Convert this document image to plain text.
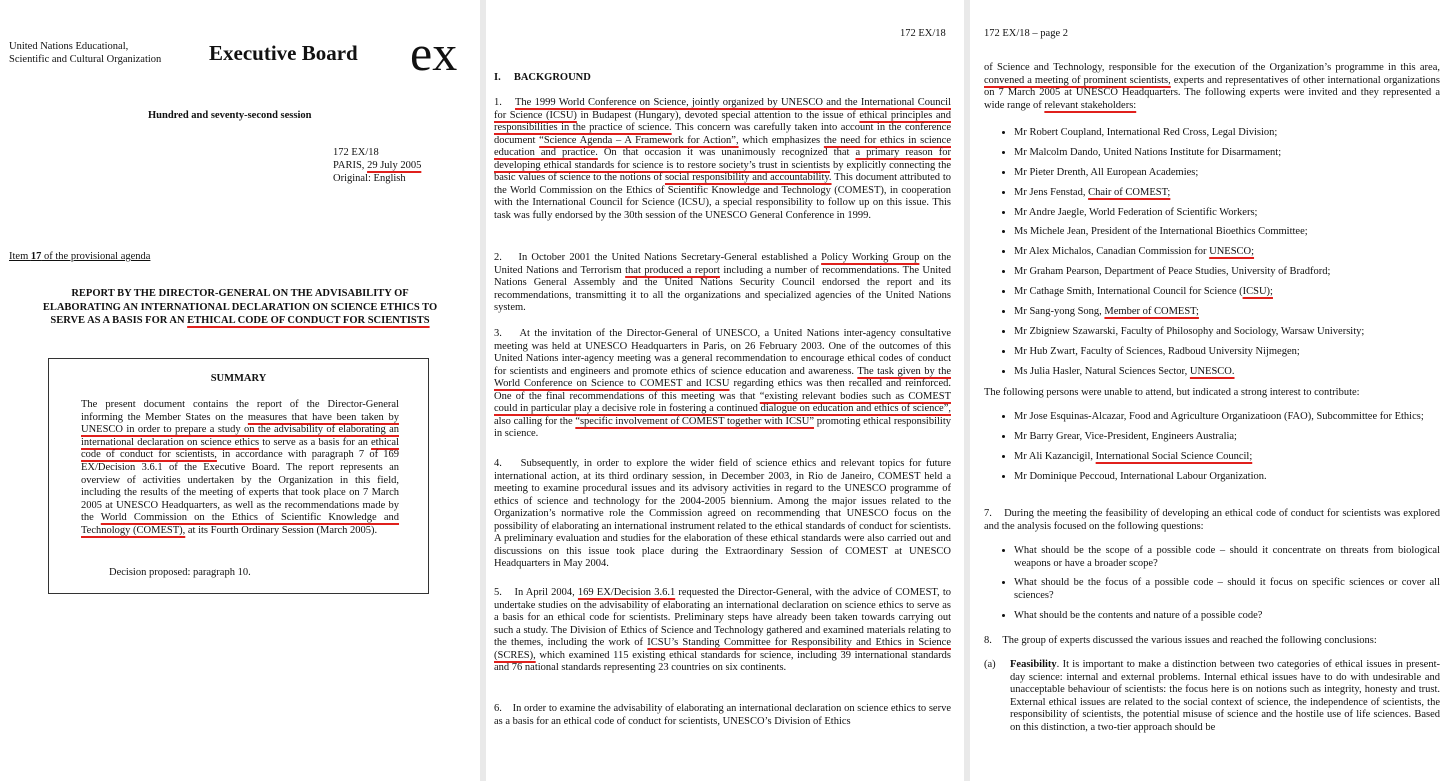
United Nations Educational,
Scientific and Cultural Organization Executive Board ex
Hundred and seventy-second session
172 EX/18
PARIS, 29 July 2005
Original: English
Item 17 of the provisional agenda
REPORT BY THE DIRECTOR-GENERAL ON THE ADVISABILITY OF ELABORATING AN INTERNATIONAL DECLARATION ON SCIENCE ETHICS TO SERVE AS A BASIS FOR AN ETHICAL CODE OF CONDUCT FOR SCIENTISTS
SUMMARY
The present document contains the report of the Director-General informing the Member States on the measures that have been taken by UNESCO in order to prepare a study on the advisability of elaborating an international declaration on science ethics to serve as a basis for an ethical code of conduct for scientists, in accordance with paragraph 7 of 169 EX/Decision 3.6.1 of the Executive Board. The report represents an overview of activities undertaken by the Organization in this field, including the results of the meeting of experts that took place on 7 March 2005 at UNESCO Headquarters, as well as the recommendations made by the World Commission on the Ethics of Scientific Knowledge and Technology (COMEST), at its Fourth Ordinary Session (March 2005).
Decision proposed: paragraph 10.
172 EX/18
I.     BACKGROUND
1.    The 1999 World Conference on Science, jointly organized by UNESCO and the International Council for Science (ICSU) in Budapest (Hungary), devoted special attention to the issue of ethical principles and responsibilities in the practice of science. This concern was carefully taken into account in the conference document “Science Agenda – A Framework for Action”, which emphasizes the need for ethics in science education and practice. On that occasion it was unanimously recognized that a primary reason for developing ethical standards for science is to restore society’s trust in scientists by explicitly connecting the basic values of science to the notions of social responsibility and accountability. This document attributed to the World Commission on the Ethics of Scientific Knowledge and Technology (COMEST), in cooperation with the International Council for Science (ICSU), a special responsibility to follow up on this issue. This task was fully endorsed by the 30th session of the UNESCO General Conference in 1999.
2.    In October 2001 the United Nations Secretary-General established a Policy Working Group on the United Nations and Terrorism that produced a report including a number of recommendations. The United Nations General Assembly and the United Nations Security Council endorsed the report and its recommendations, transmitting it to all the organizations and specialized agencies of the United Nations system.
3.    At the invitation of the Director-General of UNESCO, a United Nations inter-agency consultative meeting was held at UNESCO Headquarters in Paris, on 26 February 2003. One of the outcomes of this United Nations inter-agency meeting was a general recommendation to encourage ethical codes of conduct for scientists and engineers and promote ethics of science education and awareness. The task given by the World Conference on Science to COMEST and ICSU regarding ethics was then recalled and reinforced. One of the final recommendations of this meeting was that “existing relevant bodies such as COMEST could in particular play a decisive role in fostering a continued dialogue on education and ethics of science”, also calling for the “specific involvement of COMEST together with ICSU” promoting ethical responsibility in science.
4.    Subsequently, in order to explore the wider field of science ethics and relevant topics for future international action, at its third ordinary session, in December 2003, in Rio de Janeiro, COMEST held a meeting to examine procedural issues and its advisory activities in regard to the UNESCO programme of ethics of science and technology for the 2004-2005 biennium. Among the major issues related to the Organization’s normative role the Commission agreed on recommending that UNESCO focus on the possibility of elaborating an international instrument related to the ethical standards of conduct for scientists. A preliminary evaluation and studies for the elaboration of these ethical standards were also carried out and discussions on this issue took place during the Extraordinary Session of COMEST at UNESCO Headquarters in May 2004.
5.    In April 2004, 169 EX/Decision 3.6.1 requested the Director-General, with the advice of COMEST, to undertake studies on the advisability of elaborating an international declaration on science ethics to serve as a basis for an ethical code for scientists. Preliminary steps have already been taken towards carrying out such a study. The Division of Ethics of Science and Technology gathered and examined materials relating to the themes, including the work of ICSU’s Standing Committee for Responsibility and Ethics in Science (SCRES), which examined 115 existing ethical standards for science, including 39 international standards and 76 national standards representing 23 countries on six continents.
6.    In order to examine the advisability of elaborating an international declaration on science ethics to serve as a basis for an ethical code of conduct for scientists, UNESCO’s Division of Ethics
172 EX/18 – page 2
of Science and Technology, responsible for the execution of the Organization’s programme in this area, convened a meeting of prominent scientists, experts and representatives of other international organizations on 7 March 2005 at UNESCO Headquarters. The following experts were invited and they represented a wide range of relevant stakeholders:
• Mr Robert Coupland, International Red Cross, Legal Division;
• Mr Malcolm Dando, United Nations Institute for Disarmament;
• Mr Pieter Drenth, All European Academies;
• Mr Jens Fenstad, Chair of COMEST;
• Mr Andre Jaegle, World Federation of Scientific Workers;
• Ms Michele Jean, President of the International Bioethics Committee;
• Mr Alex Michalos, Canadian Commission for UNESCO;
• Mr Graham Pearson, Department of Peace Studies, University of Bradford;
• Mr Cathage Smith, International Council for Science (ICSU);
• Mr Sang-yong Song, Member of COMEST;
• Mr Zbigniew Szawarski, Faculty of Philosophy and Sociology, Warsaw University;
• Mr Hub Zwart, Faculty of Sciences, Radboud University Nijmegen;
• Ms Julia Hasler, Natural Sciences Sector, UNESCO.
The following persons were unable to attend, but indicated a strong interest to contribute:
• Mr Jose Esquinas-Alcazar, Food and Agriculture Organizatioon (FAO), Subcommittee for Ethics;
• Mr Barry Grear, Vice-President, Engineers Australia;
• Mr Ali Kazancigil, International Social Science Council;
• Mr Dominique Peccoud, International Labour Organization.
7.    During the meeting the feasibility of developing an ethical code of conduct for scientists was explored and the analysis focused on the following questions:
• What should be the scope of a possible code – should it concentrate on threats from biological weapons or have a broader scope?
• What should be the focus of a possible code – should it focus on specific sciences or cover all sciences?
• What should be the contents and nature of a possible code?
8.    The group of experts discussed the various issues and reached the following conclusions:
(a) Feasibility. It is important to make a distinction between two categories of ethical issues in present-day science: internal and external problems. Internal ethical issues have to do with undesirable and unacceptable behaviour of scientists: the focus here is on notions such as integrity, honesty and trust. External ethical issues are related to the social context of science, the independence of scientists, the responsibility of scientists, the potential misuse of science and the hostile use of life sciences. Based on this distinction, a two-tier approach should be
